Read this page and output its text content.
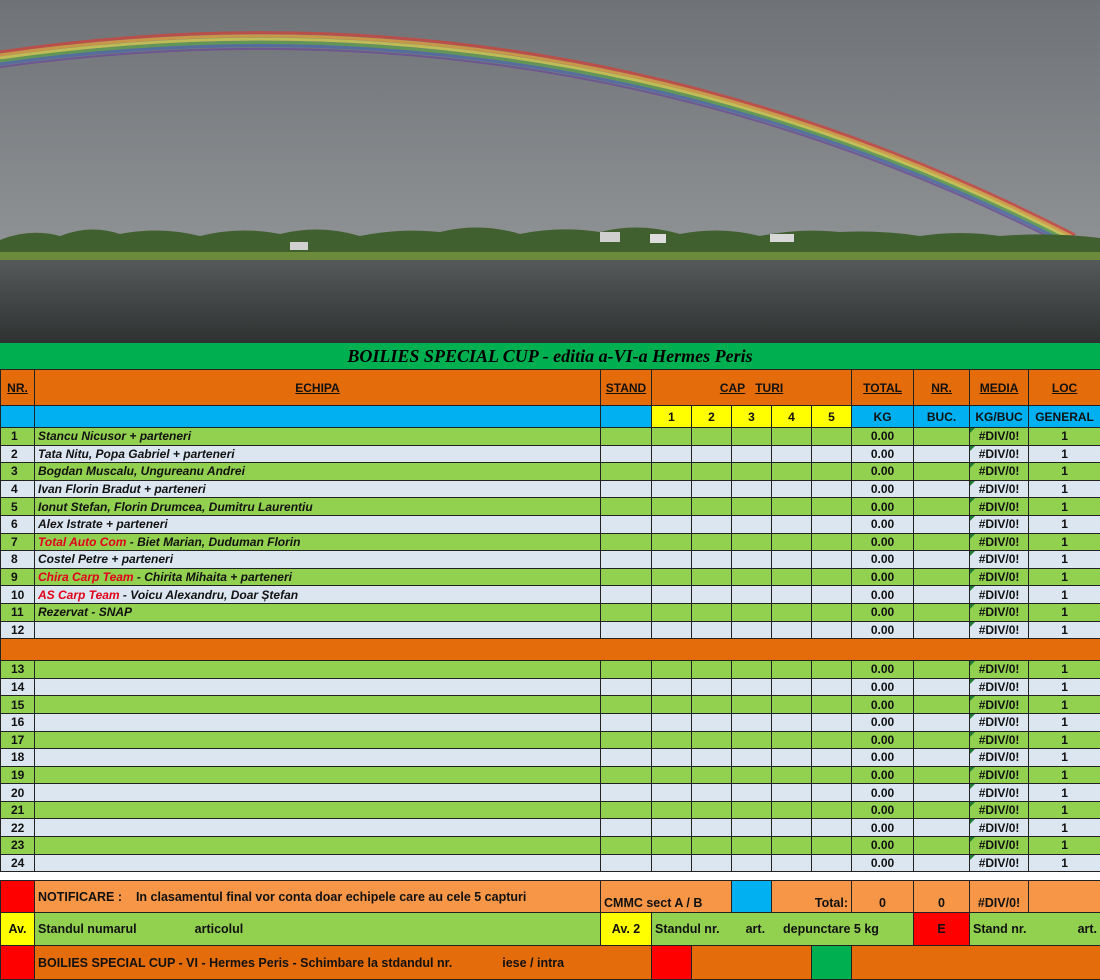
BOILIES SPECIAL CUP - editia a-VI-a Hermes Peris
NR.	ECHIPA	STAND	CAP TURI					TOTAL	NR.	MEDIA	LOC
			1	2	3	4	5	KG	BUC.	KG/BUC	GENERAL
1	Stancu Nicusor + parteneri							0.00		#DIV/0!	1
2	Tata Nitu, Popa Gabriel + parteneri							0.00		#DIV/0!	1
3	Bogdan Muscalu, Ungureanu Andrei							0.00		#DIV/0!	1
4	Ivan Florin Bradut + parteneri							0.00		#DIV/0!	1
5	Ionut Stefan, Florin Drumcea, Dumitru Laurentiu							0.00		#DIV/0!	1
6	Alex Istrate + parteneri							0.00		#DIV/0!	1
7	Total Auto Com - Biet Marian, Duduman Florin							0.00		#DIV/0!	1
8	Costel Petre + parteneri							0.00		#DIV/0!	1
9	Chira Carp Team - Chirita Mihaita + parteneri							0.00		#DIV/0!	1
10	AS Carp Team - Voicu Alexandru, Doar Ștefan							0.00		#DIV/0!	1
11	Rezervat - SNAP							0.00		#DIV/0!	1
12								0.00		#DIV/0!	1

13								0.00		#DIV/0!	1
14								0.00		#DIV/0!	1
15								0.00		#DIV/0!	1
16								0.00		#DIV/0!	1
17								0.00		#DIV/0!	1
18								0.00		#DIV/0!	1
19								0.00		#DIV/0!	1
20								0.00		#DIV/0!	1
21								0.00		#DIV/0!	1
22								0.00		#DIV/0!	1
23								0.00		#DIV/0!	1
24								0.00		#DIV/0!	1
	NOTIFICARE : In clasamentul final vor conta doar echipele care au cele 5 capturi	CMMC sect A / B				Total:		0	0	#DIV/0!	
Av.	Standul numarul articolul	Av. 2	Standul nr. art. depunctare 5 kg						E	Stand nr. art.	

	BOILIES SPECIAL CUP - VI - Hermes Peris - Schimbare la stdandul nr. iese / intra										
